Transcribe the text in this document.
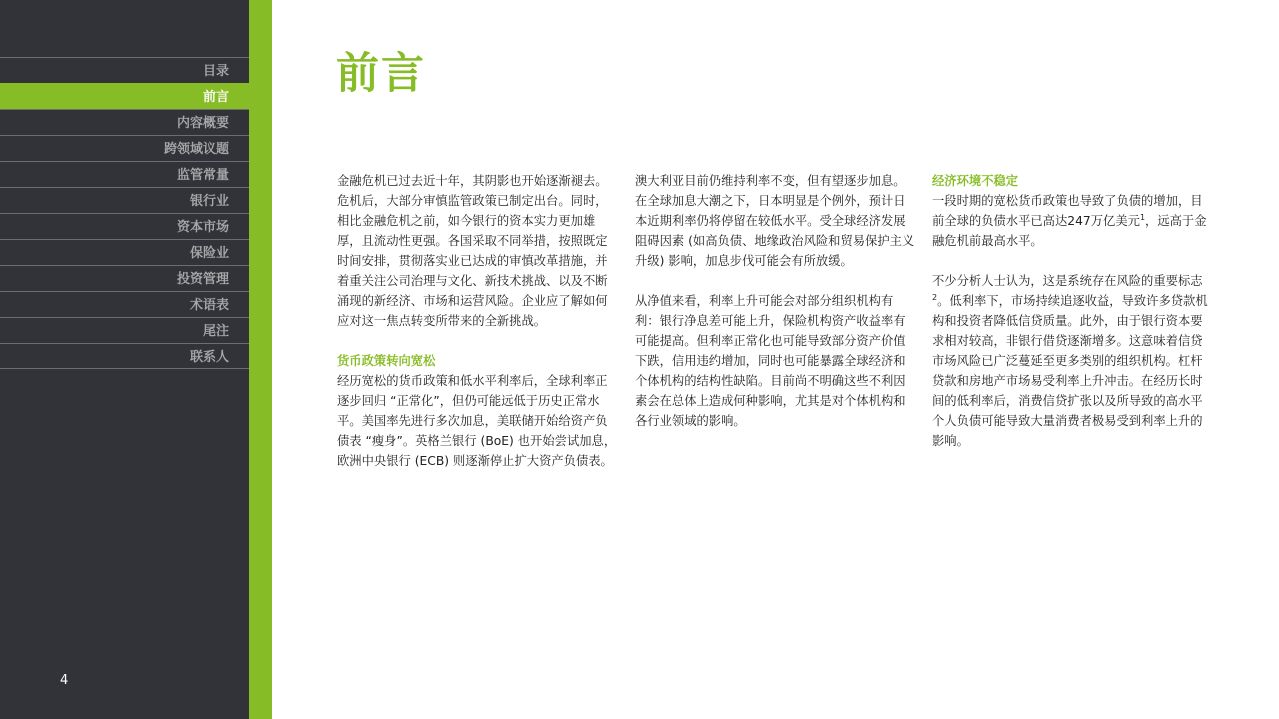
目录
前言
内容概要
跨领域议题
监管常量
银行业
资本市场
保险业
投资管理
术语表
尾注
联系人
4
前言

金融危机已过去近十年，其阴影也开始逐渐褪去。危机后，大部分审慎监管政策已制定出台。同时，相比金融危机之前，如今银行的资本实力更加雄厚，且流动性更强。各国采取不同举措，按照既定时间安排，贯彻落实业已达成的审慎改革措施，并着重关注公司治理与文化、新技术挑战、以及不断涌现的新经济、市场和运营风险。企业应了解如何应对这一焦点转变所带来的全新挑战。

货币政策转向宽松

经历宽松的货币政策和低水平利率后，全球利率正逐步回归 “正常化”，但仍可能远低于历史正常水平。美国率先进行多次加息，美联储开始给资产负债表 “瘦身”。英格兰银行 (BoE) 也开始尝试加息，欧洲中央银行 (ECB) 则逐渐停止扩大资产负债表。

澳大利亚目前仍维持利率不变，但有望逐步加息。在全球加息大潮之下，日本明显是个例外，预计日本近期利率仍将停留在较低水平。受全球经济发展阻碍因素 (如高负债、地缘政治风险和贸易保护主义升级) 影响，加息步伐可能会有所放缓。

从净值来看，利率上升可能会对部分组织机构有利：银行净息差可能上升，保险机构资产收益率有可能提高。但利率正常化也可能导致部分资产价值下跌，信用违约增加，同时也可能暴露全球经济和个体机构的结构性缺陷。目前尚不明确这些不利因素会在总体上造成何种影响，尤其是对个体机构和各行业领域的影响。

经济环境不稳定

一段时期的宽松货币政策也导致了负债的增加，目前全球的负债水平已高达247万亿美元$^1$，远高于金融危机前最高水平。

不少分析人士认为，这是系统存在风险的重要标志$^2$。低利率下，市场持续追逐收益，导致许多贷款机构和投资者降低信贷质量。此外，由于银行资本要求相对较高，非银行借贷逐渐增多。这意味着信贷市场风险已广泛蔓延至更多类别的组织机构。杠杆贷款和房地产市场易受利率上升冲击。在经历长时间的低利率后，消费信贷扩张以及所导致的高水平个人负债可能导致大量消费者极易受到利率上升的影响。
